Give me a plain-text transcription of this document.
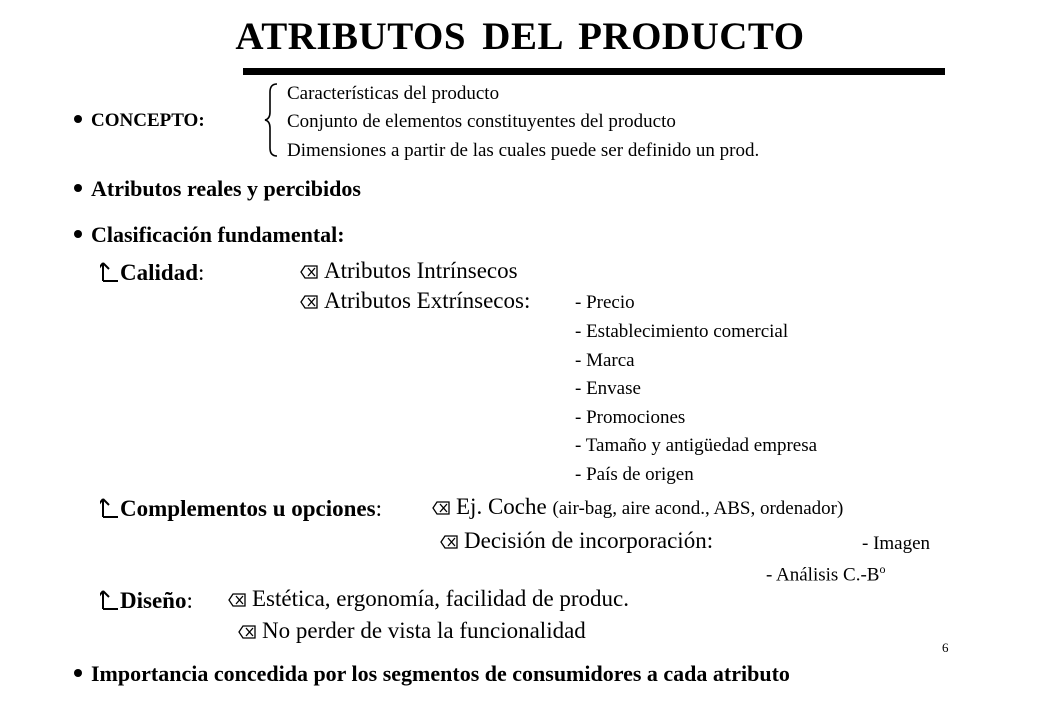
ATRIBUTOS DEL PRODUCTO
CONCEPTO:
Características del producto
Conjunto de elementos constituyentes del producto
Dimensiones a partir de las cuales puede ser definido un prod.
Atributos reales y percibidos
Clasificación fundamental:
Calidad:	Atributos Intrínsecos
Atributos Extrínsecos: - Precio
- Establecimiento comercial
- Marca
- Envase
- Promociones
- Tamaño y antigüedad empresa
- País de origen
Complementos u opciones:	Ej. Coche (air-bag, aire acond., ABS, ordenador)
Decisión de incorporación:	- Imagen
- Análisis $C.-B^o$
Diseño:	Estética, ergonomía, facilidad de produc.
No perder de vista la funcionalidad
6
Importancia concedida por los segmentos de consumidores a cada atributo
